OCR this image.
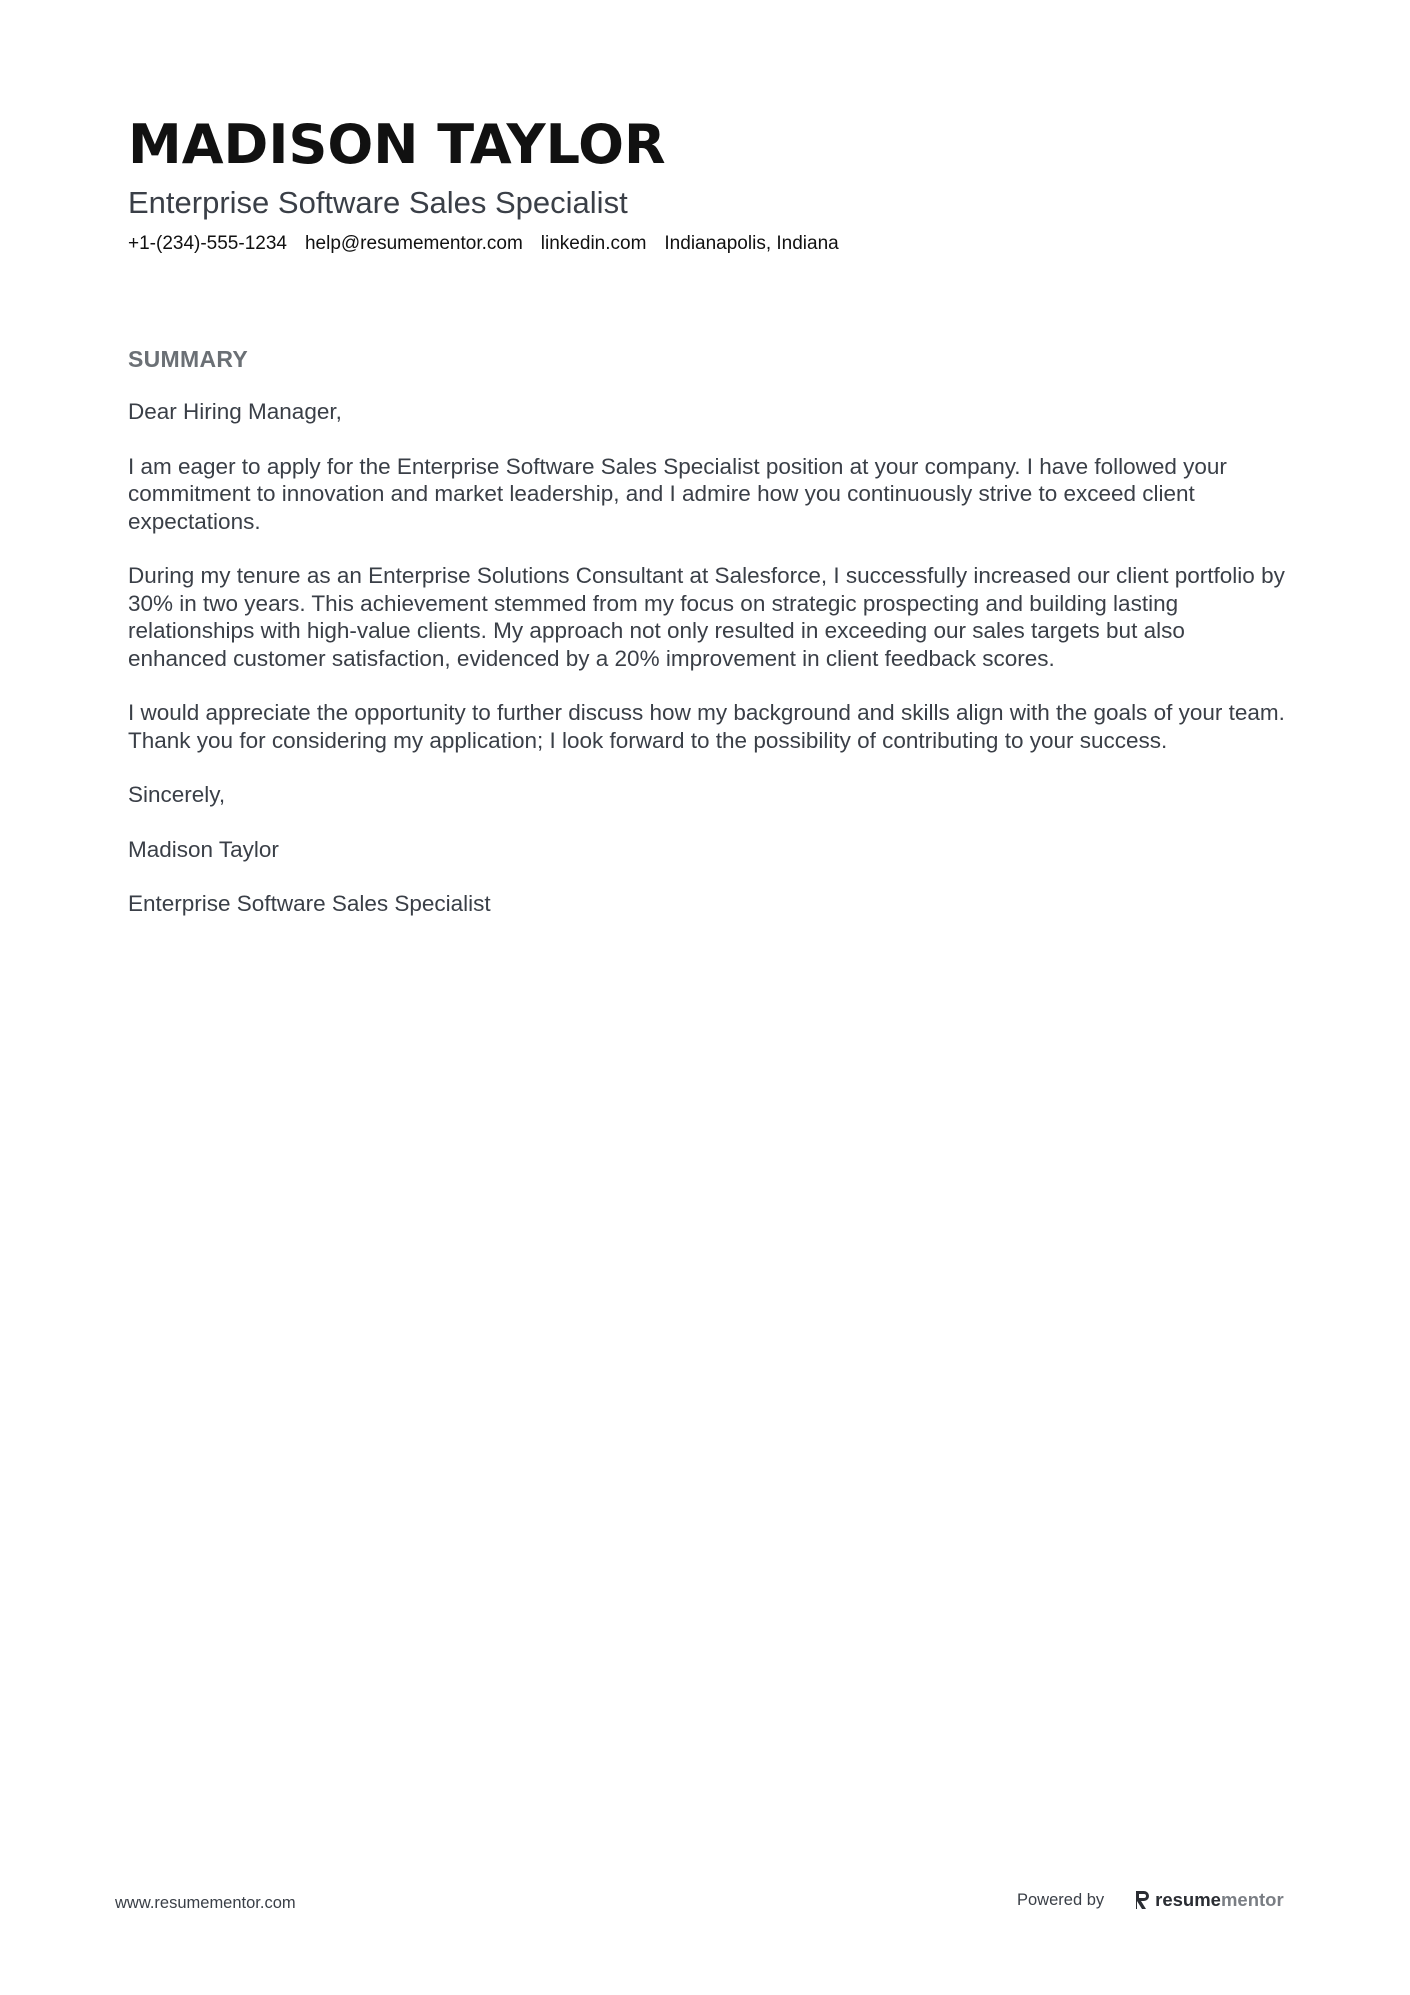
MADISON TAYLOR
Enterprise Software Sales Specialist
+1-(234)-555-1234 help@resumementor.com linkedin.com Indianapolis, Indiana
SUMMARY

Dear Hiring Manager,

I am eager to apply for the Enterprise Software Sales Specialist position at your company. I have followed your commitment to innovation and market leadership, and I admire how you continuously strive to exceed client expectations.

During my tenure as an Enterprise Solutions Consultant at Salesforce, I successfully increased our client portfolio by 30% in two years. This achievement stemmed from my focus on strategic prospecting and building lasting relationships with high-value clients. My approach not only resulted in exceeding our sales targets but also enhanced customer satisfaction, evidenced by a 20% improvement in client feedback scores.

I would appreciate the opportunity to further discuss how my background and skills align with the goals of your team. Thank you for considering my application; I look forward to the possibility of contributing to your success.

Sincerely,

Madison Taylor

Enterprise Software Sales Specialist

www.resumementor.com	Powered by	resume mentor
